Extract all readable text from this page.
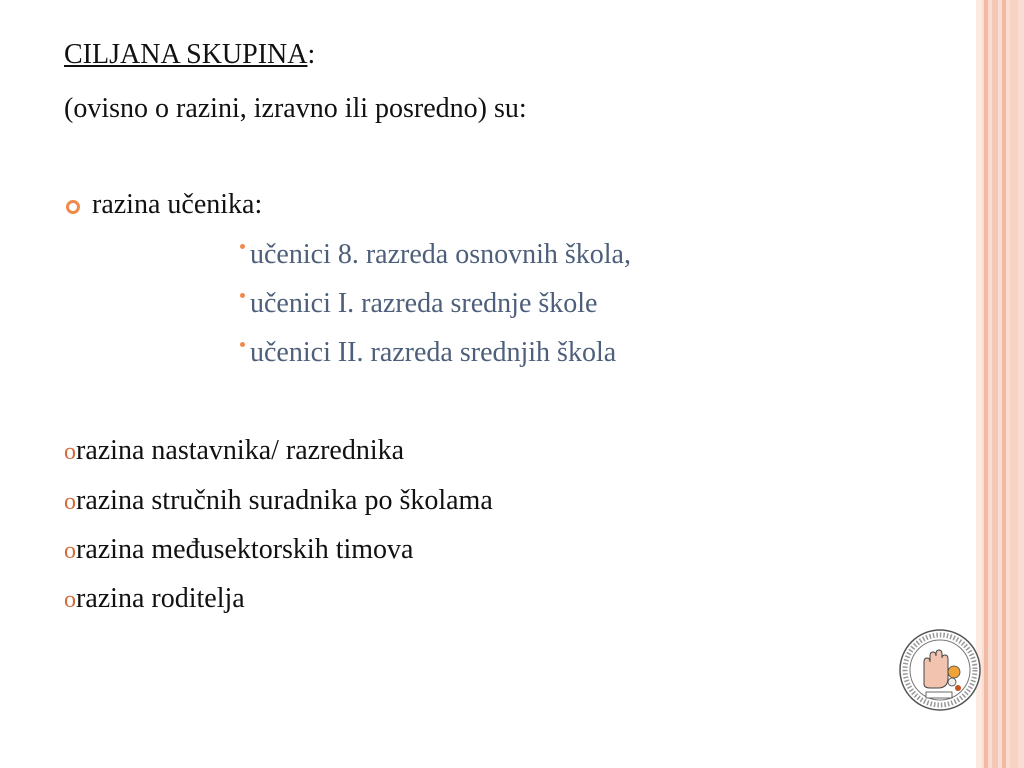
CILJANA SKUPINA:
(ovisno o razini, izravno ili posredno) su:
razina učenika:
učenici 8. razreda osnovnih škola,
učenici I. razreda srednje škole
učenici II. razreda srednjih škola
orazina nastavnika/ razrednika
orazina stručnih suradnika po školama
orazina međusektorskih timova
orazina roditelja
